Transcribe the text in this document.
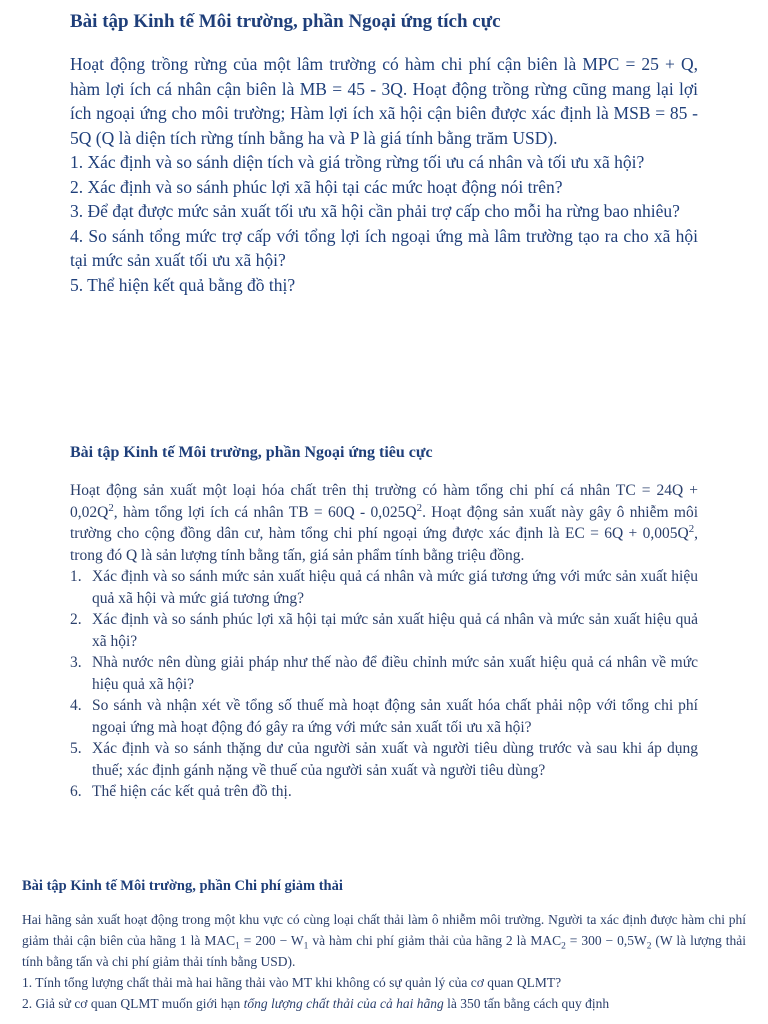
Bài tập Kinh tế Môi trường, phần Ngoại ứng tích cực

Hoạt động trồng rừng của một lâm trường có hàm chi phí cận biên là MPC = 25 + Q, hàm lợi ích cá nhân cận biên là MB = 45 - 3Q. Hoạt động trồng rừng cũng mang lại lợi ích ngoại ứng cho môi trường; Hàm lợi ích xã hội cận biên được xác định là MSB = 85 - 5Q (Q là diện tích rừng tính bằng ha và P là giá tính bằng trăm USD).

1. Xác định và so sánh diện tích và giá trồng rừng tối ưu cá nhân và tối ưu xã hội?

2. Xác định và so sánh phúc lợi xã hội tại các mức hoạt động nói trên?

3. Để đạt được mức sản xuất tối ưu xã hội cần phải trợ cấp cho mỗi ha rừng bao nhiêu?

4. So sánh tổng mức trợ cấp với tổng lợi ích ngoại ứng mà lâm trường tạo ra cho xã hội tại mức sản xuất tối ưu xã hội?

5. Thể hiện kết quả bằng đồ thị?

Bài tập Kinh tế Môi trường, phần Ngoại ứng tiêu cực

Hoạt động sản xuất một loại hóa chất trên thị trường có hàm tổng chi phí cá nhân TC = $24Q + 0,02Q^2$, hàm tổng lợi ích cá nhân TB = $60Q - 0,025Q^2$. Hoạt động sản xuất này gây ô nhiễm môi trường cho cộng đồng dân cư, hàm tổng chi phí ngoại ứng được xác định là EC = $6Q + 0,005Q^2$, trong đó Q là sản lượng tính bằng tấn, giá sản phẩm tính bằng triệu đồng.

1. Xác định và so sánh mức sản xuất hiệu quả cá nhân và mức giá tương ứng với mức sản xuất hiệu quả xã hội và mức giá tương ứng?
2. Xác định và so sánh phúc lợi xã hội tại mức sản xuất hiệu quả cá nhân và mức sản xuất hiệu quả xã hội?
3. Nhà nước nên dùng giải pháp như thế nào để điều chỉnh mức sản xuất hiệu quả cá nhân về mức hiệu quả xã hội?
4. So sánh và nhận xét về tổng số thuế mà hoạt động sản xuất hóa chất phải nộp với tổng chi phí ngoại ứng mà hoạt động đó gây ra ứng với mức sản xuất tối ưu xã hội?
5. Xác định và so sánh thặng dư của người sản xuất và người tiêu dùng trước và sau khi áp dụng thuế; xác định gánh nặng về thuế của người sản xuất và người tiêu dùng?
6. Thể hiện các kết quả trên đồ thị.
Bài tập Kinh tế Môi trường, phần Chi phí giảm thải

Hai hãng sản xuất hoạt động trong một khu vực có cùng loại chất thải làm ô nhiễm môi trường. Người ta xác định được hàm chi phí giảm thải cận biên của hãng 1 là $MAC_1 = 200 - W_1$ và hàm chi phí giảm thải của hãng 2 là $MAC_2 = 300 - 0,5W_2$ (W là lượng thải tính bằng tấn và chi phí giảm thải tính bằng USD).

1. Tính tổng lượng chất thải mà hai hãng thải vào MT khi không có sự quản lý của cơ quan QLMT?

2. Giả sử cơ quan QLMT muốn giới hạn tổng lượng chất thải của cả hai hãng là 350 tấn bằng cách quy định
